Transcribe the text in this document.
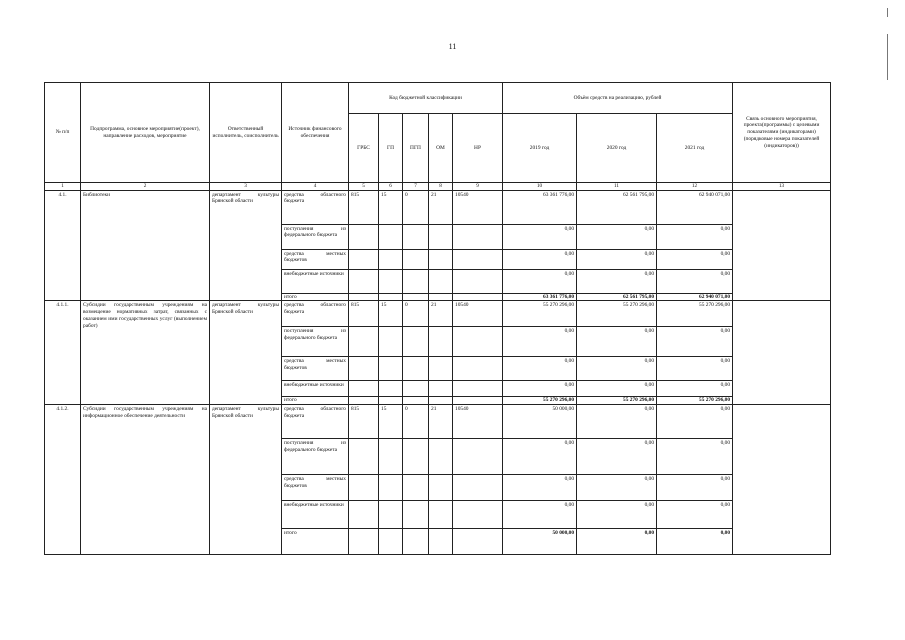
11
№ п/п	Подпрограмма, основное мероприятие(проект), направление расходов, мероприятие	Ответственный исполнитель, соисполнитель	Источник финансового обеспечения	Код бюджетной классификации					Объём средств на реализацию, рублей			Связь основного мероприятия, проекта(программы) с целевыми показателями (индикаторами) (порядковые номера показателей (индикаторов))
				ГРБС	ГП	ПГП	ОМ	НР	2019 год	2020 год	2021 год	
1	2	3	4	5	6	7	8	9	10	11	12	13
4.1.	Библиотеки	департамент культуры Брянской области	средства областного бюджета	815	15	0	21	10540	63 361 776,00	62 561 795,00	62 940 071,00	
			поступления из федерального бюджета						0,00	0,00	0,00	
			средства местных бюджетов						0,00	0,00	0,00	
			внебюджетные источники						0,00	0,00	0,00	
			итого						63 361 776,00	62 561 795,00	62 940 071,00	
4.1.1.	Субсидии государственным учреждениям на возмещение нормативных затрат, связанных с оказанием ими государственных услуг (выполнением работ)	департамент культуры Брянской области	средства областного бюджета	815	15	0	21	10540	55 270 296,00	55 270 296,00	55 270 296,00	
			поступления из федерального бюджета						0,00	0,00	0,00	
			средства местных бюджетов						0,00	0,00	0,00	
			внебюджетные источники						0,00	0,00	0,00	
			итого						55 270 296,00	55 270 296,00	55 270 296,00	
4.1.2.	Субсидии государственным учреждениям на информационное обеспечение деятельности	департамент культуры Брянской области	средства областного бюджета	815	15	0	21	10540	50 000,00	0,00	0,00	
			поступления из федерального бюджета						0,00	0,00	0,00	
			средства местных бюджетов						0,00	0,00	0,00	
			внебюджетные источники						0,00	0,00	0,00	
			итого						50 000,00	0,00	0,00	
